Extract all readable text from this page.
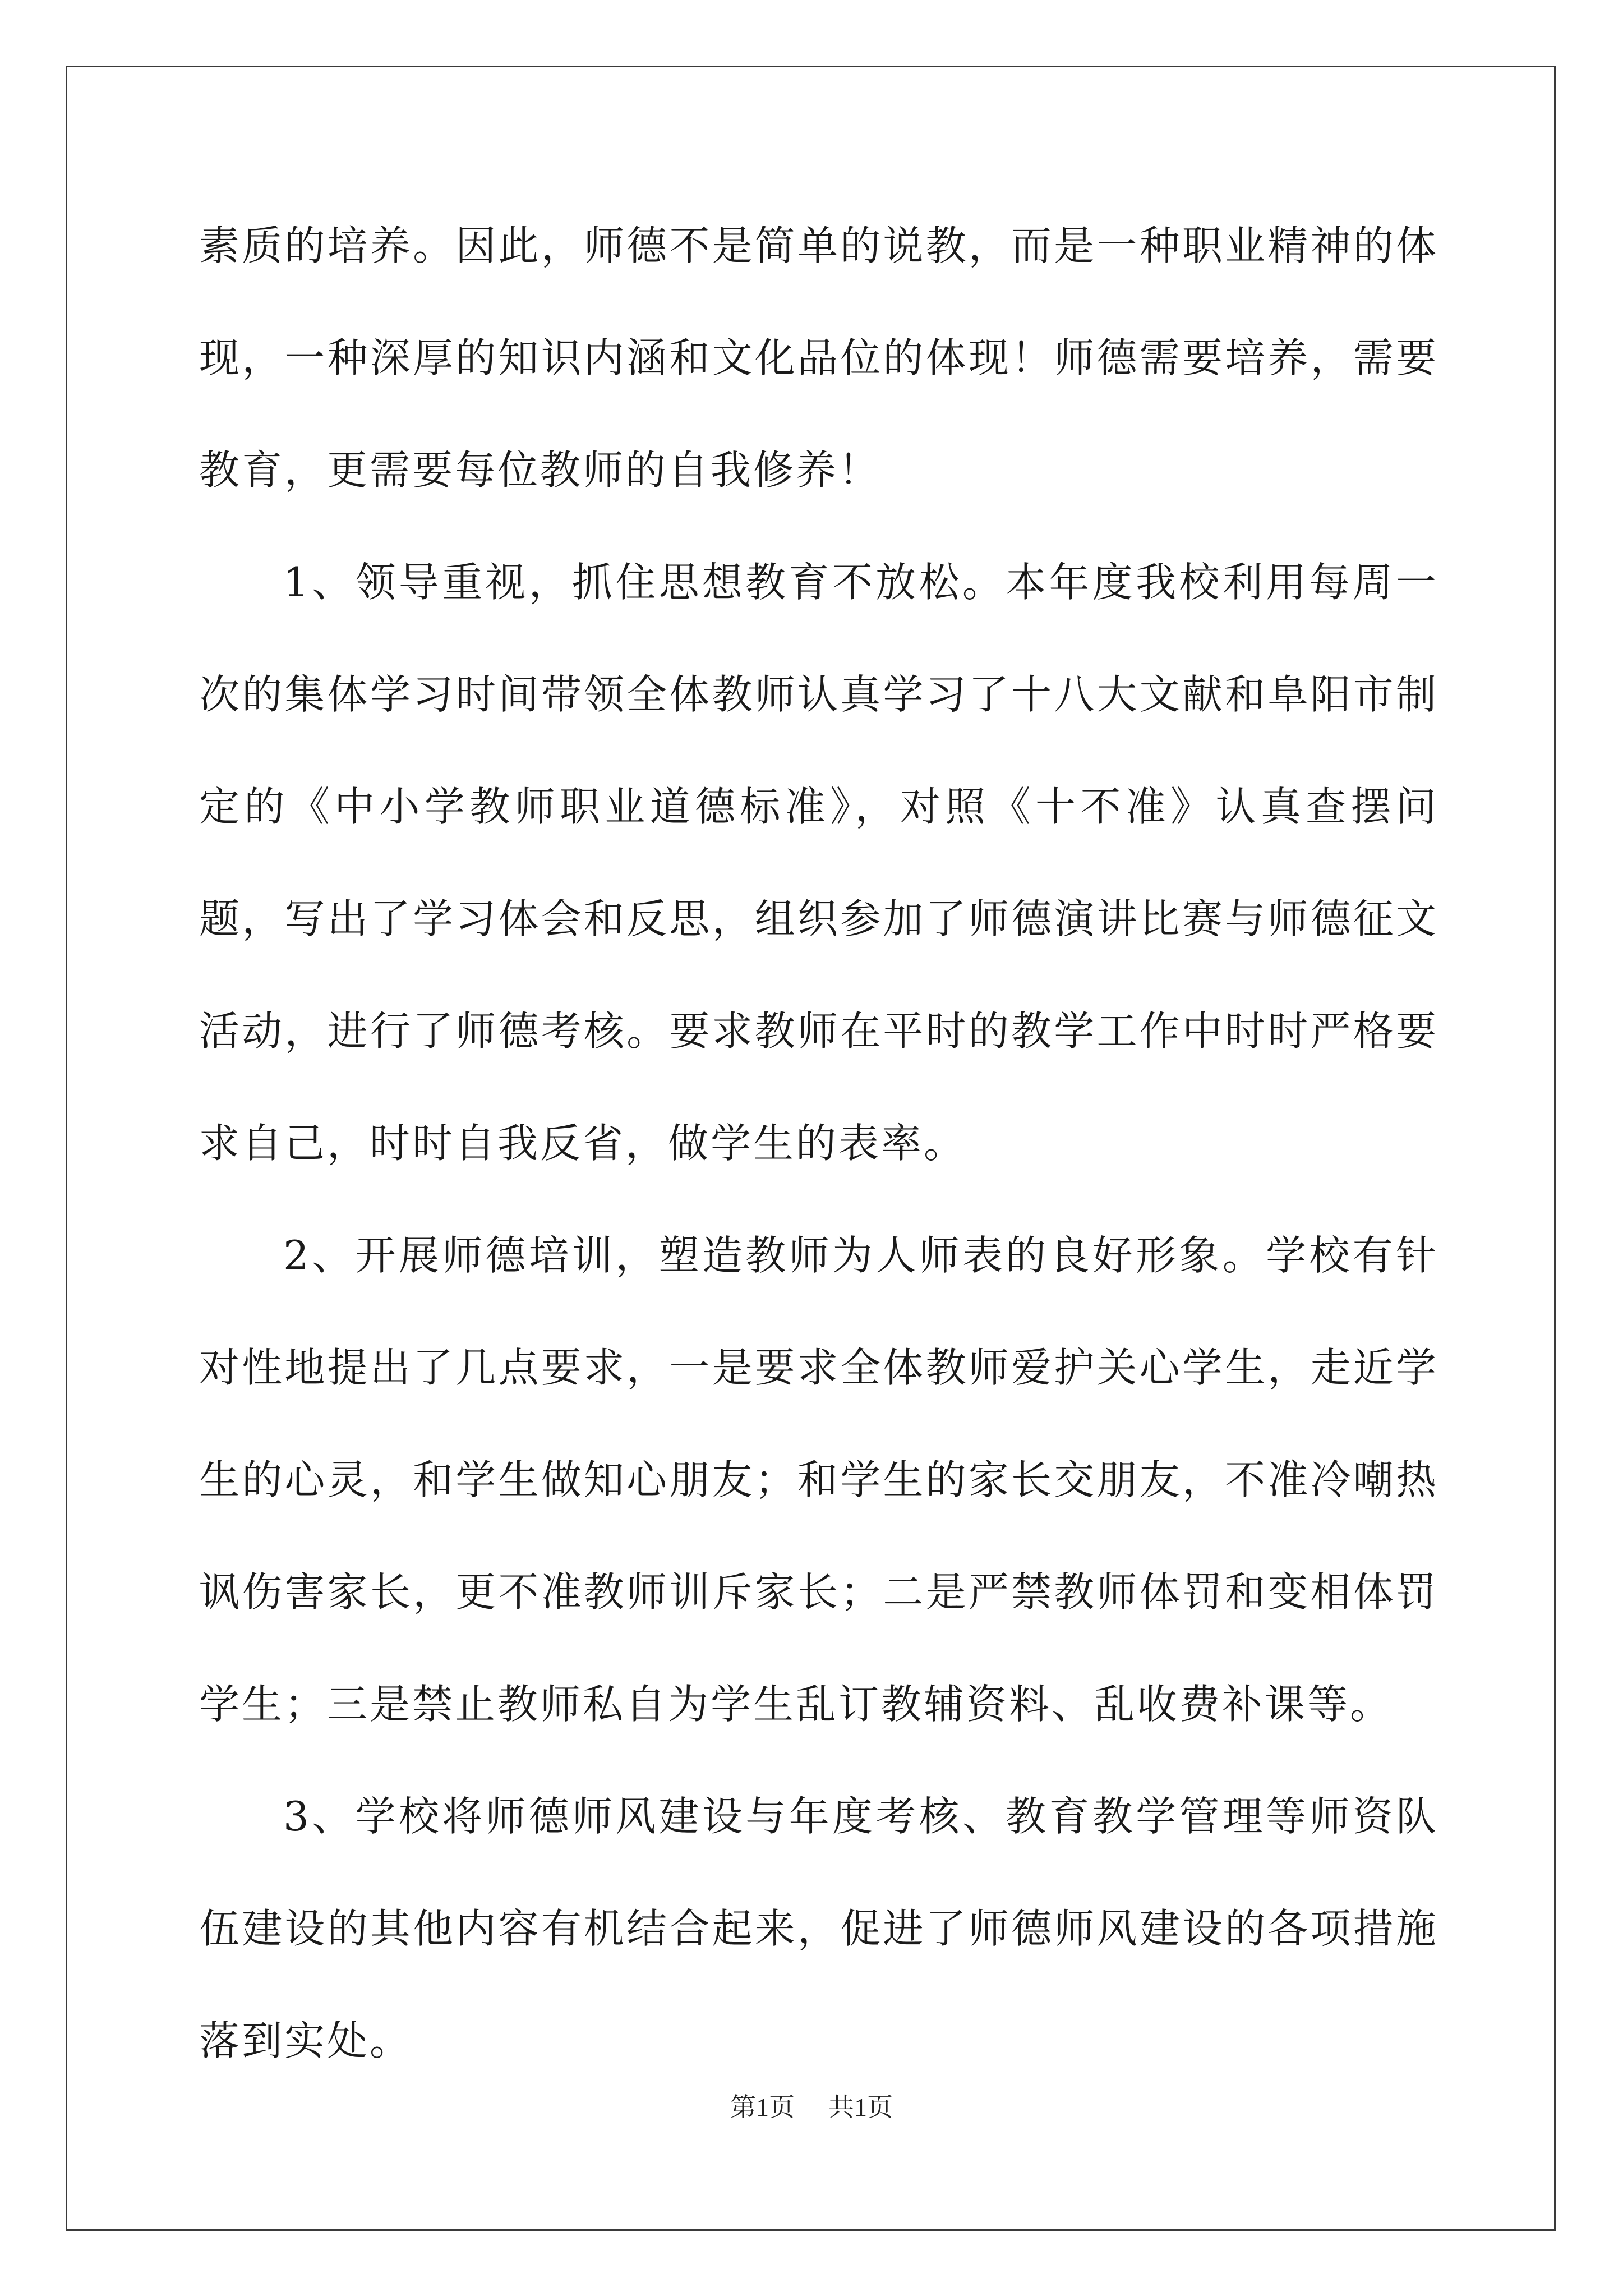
素质的培养。因此，师德不是简单的说教，而是一种职业精神的体现，一种深厚的知识内涵和文化品位的体现！师德需要培养，需要教育，更需要每位教师的自我修养！

1、领导重视，抓住思想教育不放松。本年度我校利用每周一次的集体学习时间带领全体教师认真学习了十八大文献和阜阳市制定的《中小学教师职业道德标准》，对照《十不准》认真查摆问题，写出了学习体会和反思，组织参加了师德演讲比赛与师德征文活动，进行了师德考核。要求教师在平时的教学工作中时时严格要求自己，时时自我反省，做学生的表率。

2、开展师德培训，塑造教师为人师表的良好形象。学校有针对性地提出了几点要求，一是要求全体教师爱护关心学生，走近学生的心灵，和学生做知心朋友；和学生的家长交朋友，不准冷嘲热讽伤害家长，更不准教师训斥家长；二是严禁教师体罚和变相体罚学生；三是禁止教师私自为学生乱订教辅资料、乱收费补课等。

3、学校将师德师风建设与年度考核、教育教学管理等师资队伍建设的其他内容有机结合起来，促进了师德师风建设的各项措施落到实处。

第1页 共1页
